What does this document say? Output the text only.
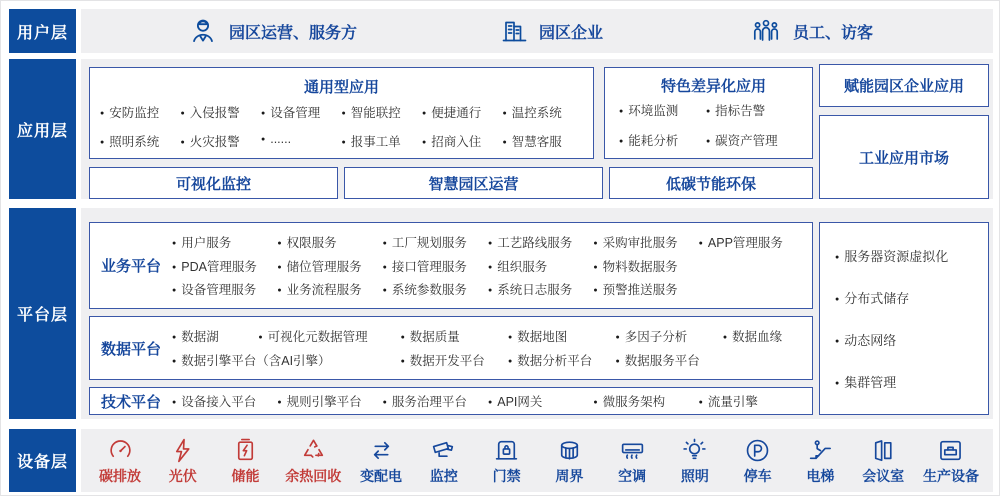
用户层
应用层
平台层
设备层
园区运营、服务方	园区企业	员工、访客
通用型应用
● 安防监控	● 入侵报警	● 设备管理	● 智能联控	● 便捷通行	● 温控系统
● 照明系统	● 火灾报警	● ......	● 报事工单	● 招商入住	● 智慧客服
特色差异化应用
● 环境监测	● 指标告警
● 能耗分析	● 碳资产管理
赋能园区企业应用
工业应用市场
可视化监控	智慧园区运营	低碳节能环保
业务平台
● 用户服务	● 权限服务	● 工厂规划服务	● 工艺路线服务	● 采购审批服务	● APP管理服务
● PDA管理服务	● 储位管理服务	● 接口管理服务	● 组织服务	● 物料数据服务
● 设备管理服务	● 业务流程服务	● 系统参数服务	● 系统日志服务	● 预警推送服务
数据平台
● 数据湖	● 可视化元数据管理	● 数据质量	● 数据地图	● 多因子分析	● 数据血缘
● 数据引擎平台（含AI引擎）	● 数据开发平台	● 数据分析平台	● 数据服务平台
技术平台	● 设备接入平台	● 规则引擎平台	● 服务治理平台	● API网关	● 微服务架构	● 流量引擎
● 服务器资源虚拟化
● 分布式储存
● 动态网络
● 集群管理
碳排放 光伏 储能 余热回收 变配电 监控 门禁 周界 空调 照明 停车 电梯 会议室 生产设备
